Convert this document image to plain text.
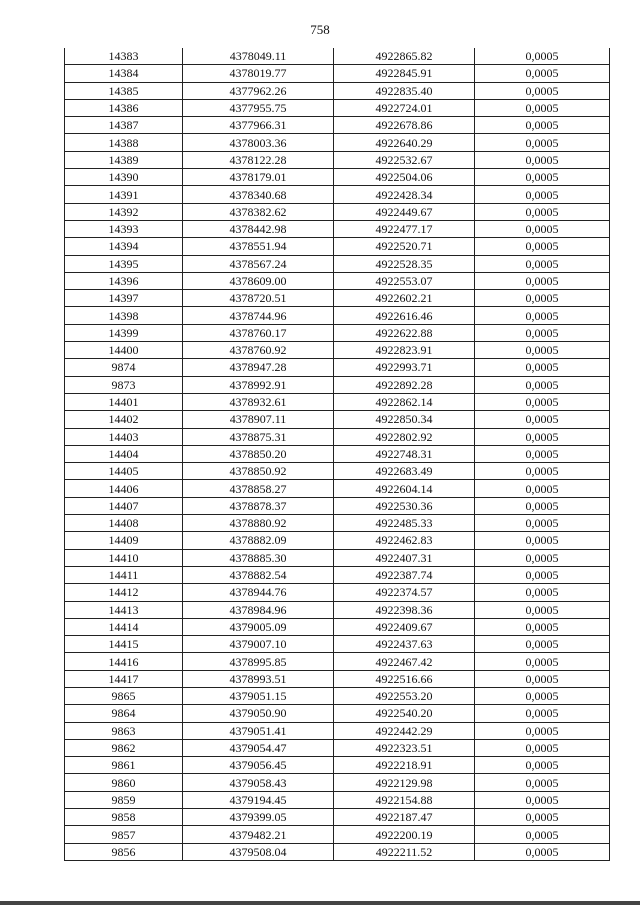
758
14383	4378049.11	4922865.82	0,0005
14384	4378019.77	4922845.91	0,0005
14385	4377962.26	4922835.40	0,0005
14386	4377955.75	4922724.01	0,0005
14387	4377966.31	4922678.86	0,0005
14388	4378003.36	4922640.29	0,0005
14389	4378122.28	4922532.67	0,0005
14390	4378179.01	4922504.06	0,0005
14391	4378340.68	4922428.34	0,0005
14392	4378382.62	4922449.67	0,0005
14393	4378442.98	4922477.17	0,0005
14394	4378551.94	4922520.71	0,0005
14395	4378567.24	4922528.35	0,0005
14396	4378609.00	4922553.07	0,0005
14397	4378720.51	4922602.21	0,0005
14398	4378744.96	4922616.46	0,0005
14399	4378760.17	4922622.88	0,0005
14400	4378760.92	4922823.91	0,0005
9874	4378947.28	4922993.71	0,0005
9873	4378992.91	4922892.28	0,0005
14401	4378932.61	4922862.14	0,0005
14402	4378907.11	4922850.34	0,0005
14403	4378875.31	4922802.92	0,0005
14404	4378850.20	4922748.31	0,0005
14405	4378850.92	4922683.49	0,0005
14406	4378858.27	4922604.14	0,0005
14407	4378878.37	4922530.36	0,0005
14408	4378880.92	4922485.33	0,0005
14409	4378882.09	4922462.83	0,0005
14410	4378885.30	4922407.31	0,0005
14411	4378882.54	4922387.74	0,0005
14412	4378944.76	4922374.57	0,0005
14413	4378984.96	4922398.36	0,0005
14414	4379005.09	4922409.67	0,0005
14415	4379007.10	4922437.63	0,0005
14416	4378995.85	4922467.42	0,0005
14417	4378993.51	4922516.66	0,0005
9865	4379051.15	4922553.20	0,0005
9864	4379050.90	4922540.20	0,0005
9863	4379051.41	4922442.29	0,0005
9862	4379054.47	4922323.51	0,0005
9861	4379056.45	4922218.91	0,0005
9860	4379058.43	4922129.98	0,0005
9859	4379194.45	4922154.88	0,0005
9858	4379399.05	4922187.47	0,0005
9857	4379482.21	4922200.19	0,0005
9856	4379508.04	4922211.52	0,0005
